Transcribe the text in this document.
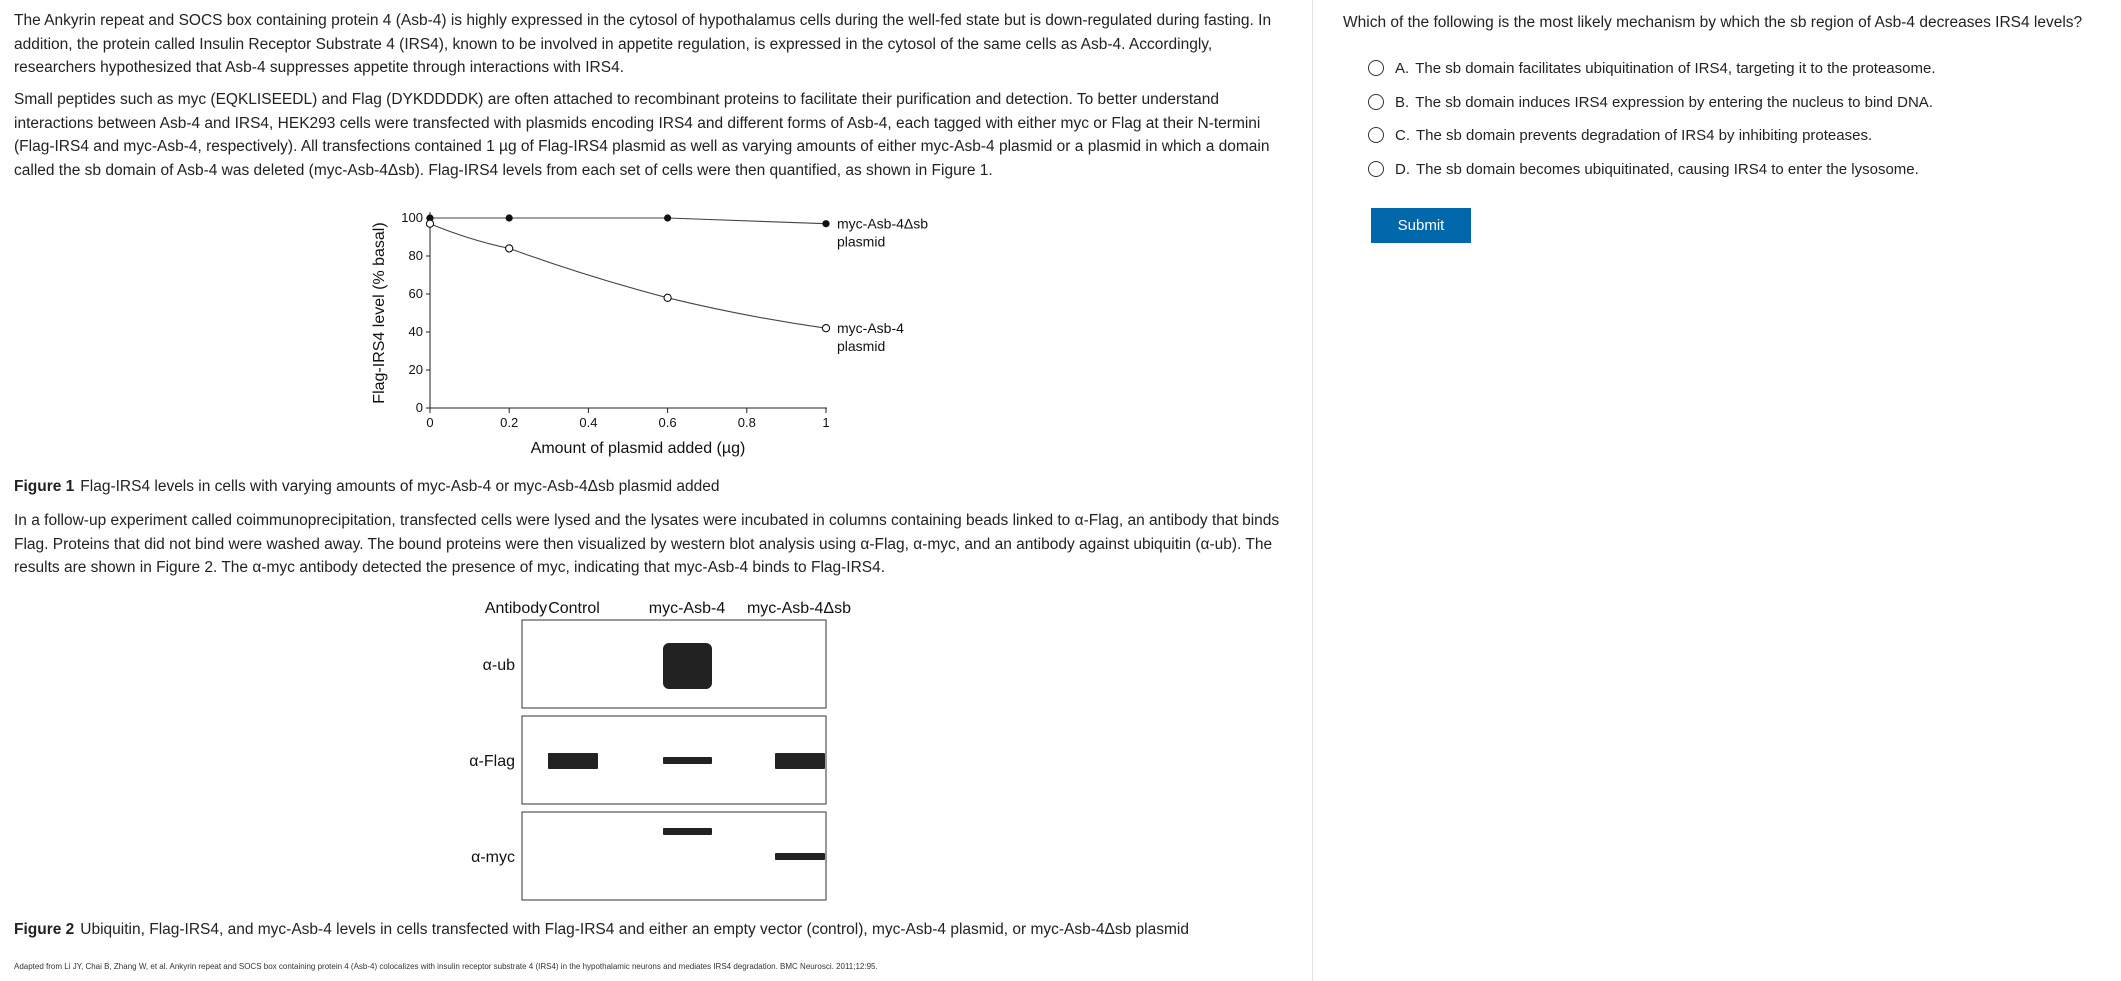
The Ankyrin repeat and SOCS box containing protein 4 (Asb-4) is highly expressed in the cytosol of hypothalamus cells during the well-fed state but is down-regulated during fasting. In addition, the protein called Insulin Receptor Substrate 4 (IRS4), known to be involved in appetite regulation, is expressed in the cytosol of the same cells as Asb-4. Accordingly, researchers hypothesized that Asb-4 suppresses appetite through interactions with IRS4.

Small peptides such as myc (EQKLISEEDL) and Flag (DYKDDDDK) are often attached to recombinant proteins to facilitate their purification and detection. To better understand interactions between Asb-4 and IRS4, HEK293 cells were transfected with plasmids encoding IRS4 and different forms of Asb-4, each tagged with either myc or Flag at their N-termini (Flag-IRS4 and myc-Asb-4, respectively). All transfections contained 1 µg of Flag-IRS4 plasmid as well as varying amounts of either myc-Asb-4 plasmid or a plasmid in which a domain called the sb domain of Asb-4 was deleted (myc-Asb-4Δsb). Flag-IRS4 levels from each set of cells were then quantified, as shown in Figure 1.

0	0.2	0.4	0.6	0.8	1
0
20
40
60
80
100
Amount of plasmid added (µg)
Flag-IRS4 level (% basal)	myc-Asb-4Δsb
plasmid
myc-Asb-4
plasmid
Figure 1 Flag-IRS4 levels in cells with varying amounts of myc-Asb-4 or myc-Asb-4Δsb plasmid added

In a follow-up experiment called coimmunoprecipitation, transfected cells were lysed and the lysates were incubated in columns containing beads linked to α-Flag, an antibody that binds Flag. Proteins that did not bind were washed away. The bound proteins were then visualized by western blot analysis using α-Flag, α-myc, and an antibody against ubiquitin (α-ub). The results are shown in Figure 2. The α-myc antibody detected the presence of myc, indicating that myc-Asb-4 binds to Flag-IRS4.

Antibody Control	myc-Asb-4 myc-Asb-4Δsb
α-ub
α-Flag
α-myc
Figure 2 Ubiquitin, Flag-IRS4, and myc-Asb-4 levels in cells transfected with Flag-IRS4 and either an empty vector (control), myc-Asb-4 plasmid, or myc-Asb-4Δsb plasmid
Adapted from Li JY, Chai B, Zhang W, et al. Ankyrin repeat and SOCS box containing protein 4 (Asb-4) colocalizes with insulin receptor substrate 4 (IRS4) in the hypothalamic neurons and mediates IRS4 degradation. BMC Neurosci. 2011;12:95.
Which of the following is the most likely mechanism by which the sb region of Asb-4 decreases IRS4 levels?
A. The sb domain facilitates ubiquitination of IRS4, targeting it to the proteasome.
B. The sb domain induces IRS4 expression by entering the nucleus to bind DNA.
C. The sb domain prevents degradation of IRS4 by inhibiting proteases.
D. The sb domain becomes ubiquitinated, causing IRS4 to enter the lysosome.
Submit
